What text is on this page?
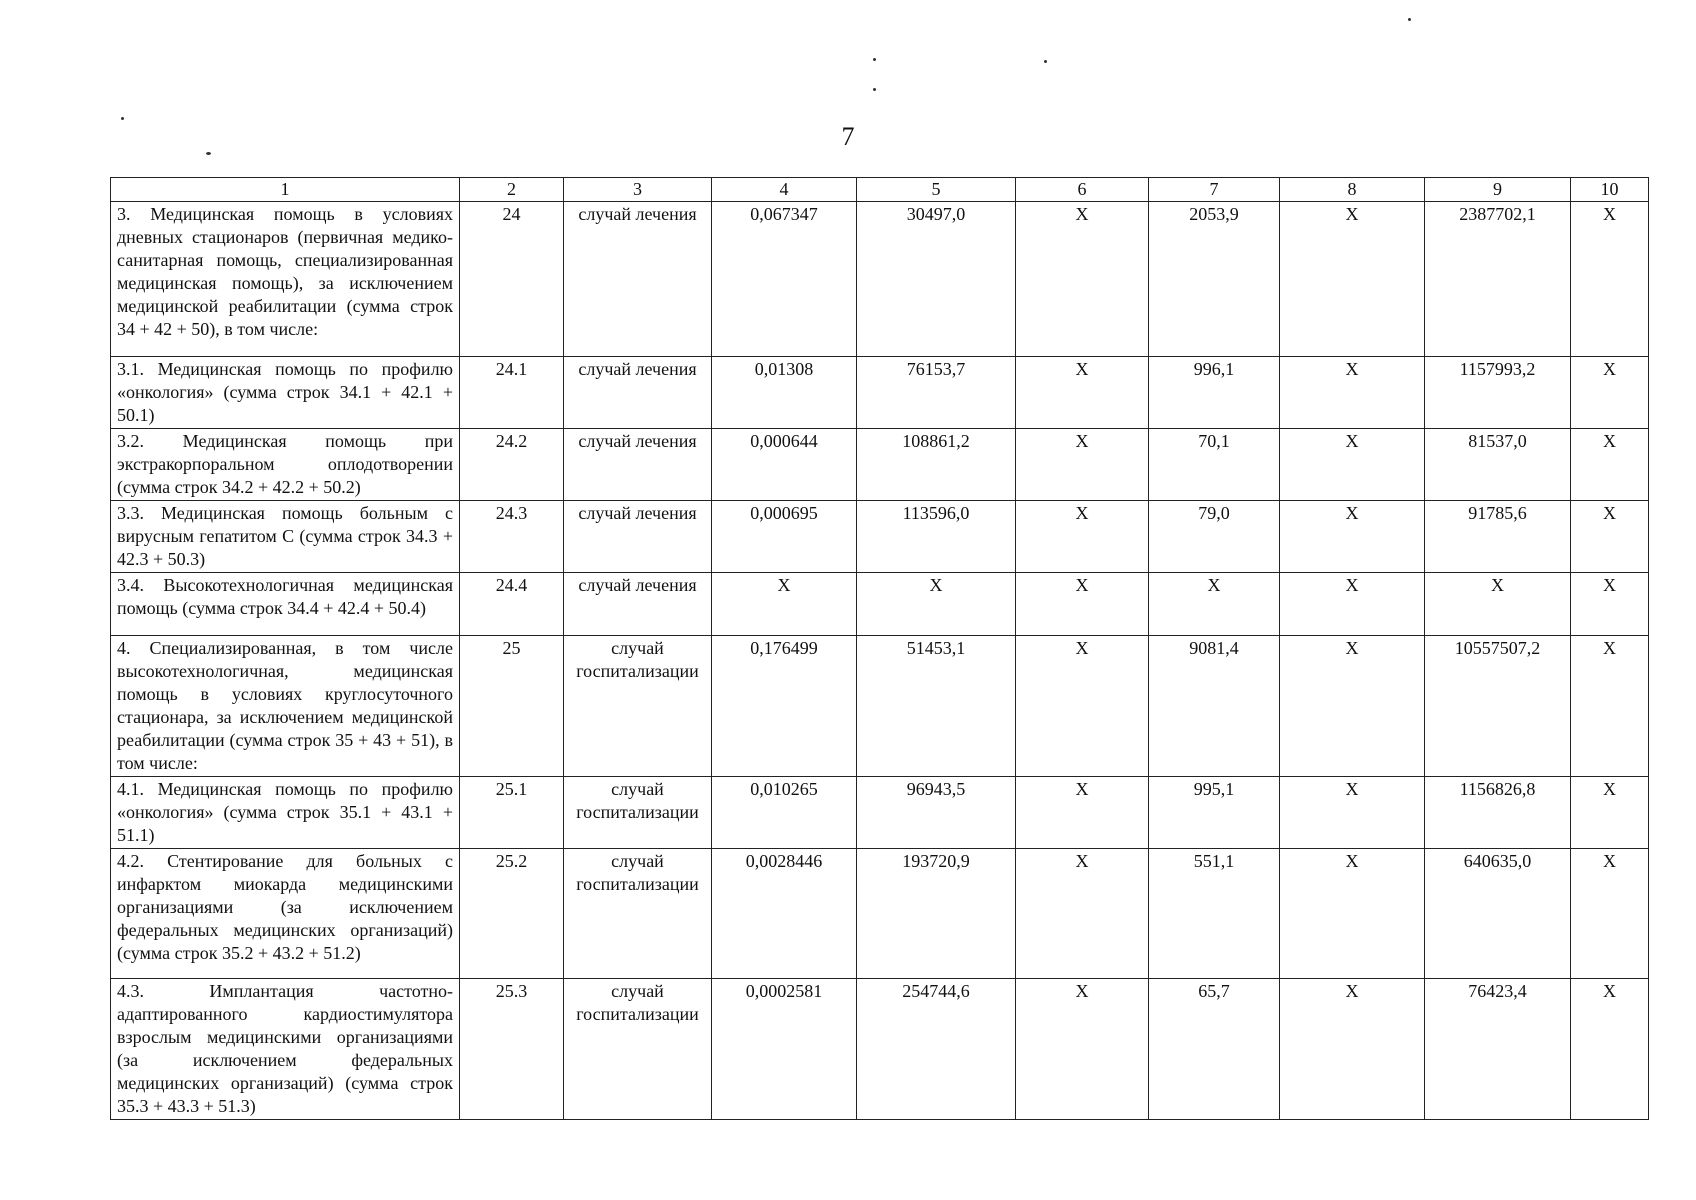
7
1	2	3	4	5	6	7	8	9	10
3. Медицинская помощь в условиях дневных стационаров (первичная медико-санитарная помощь, специализированная медицинская помощь), за исключением медицинской реабилитации (сумма строк 34 + 42 + 50), в том числе:	24	случай лечения	0,067347	30497,0	X	2053,9	X	2387702,1	X
3.1. Медицинская помощь по профилю «онкология» (сумма строк 34.1 + 42.1 + 50.1)	24.1	случай лечения	0,01308	76153,7	X	996,1	X	1157993,2	X
3.2. Медицинская помощь при экстракорпоральном оплодотворении (сумма строк 34.2 + 42.2 + 50.2)	24.2	случай лечения	0,000644	108861,2	X	70,1	X	81537,0	X
3.3. Медицинская помощь больным с вирусным гепатитом С (сумма строк 34.3 + 42.3 + 50.3)	24.3	случай лечения	0,000695	113596,0	X	79,0	X	91785,6	X
3.4. Высокотехнологичная медицинская помощь (сумма строк 34.4 + 42.4 + 50.4)	24.4	случай лечения	X	X	X	X	X	X	X
4. Специализированная, в том числе высокотехнологичная, медицинская помощь в условиях круглосуточного стационара, за исключением медицинской реабилитации (сумма строк 35 + 43 + 51), в том числе:	25	случай госпитализации	0,176499	51453,1	X	9081,4	X	10557507,2	X
4.1. Медицинская помощь по профилю «онкология» (сумма строк 35.1 + 43.1 + 51.1)	25.1	случай госпитализации	0,010265	96943,5	X	995,1	X	1156826,8	X
4.2. Стентирование для больных с инфарктом миокарда медицинскими организациями (за исключением федеральных медицинских организаций) (сумма строк 35.2 + 43.2 + 51.2)	25.2	случай госпитализации	0,0028446	193720,9	X	551,1	X	640635,0	X
4.3. Имплантация частотно-адаптированного кардиостимулятора взрослым медицинскими организациями (за исключением федеральных медицинских организаций) (сумма строк 35.3 + 43.3 + 51.3)	25.3	случай госпитализации	0,0002581	254744,6	X	65,7	X	76423,4	X
